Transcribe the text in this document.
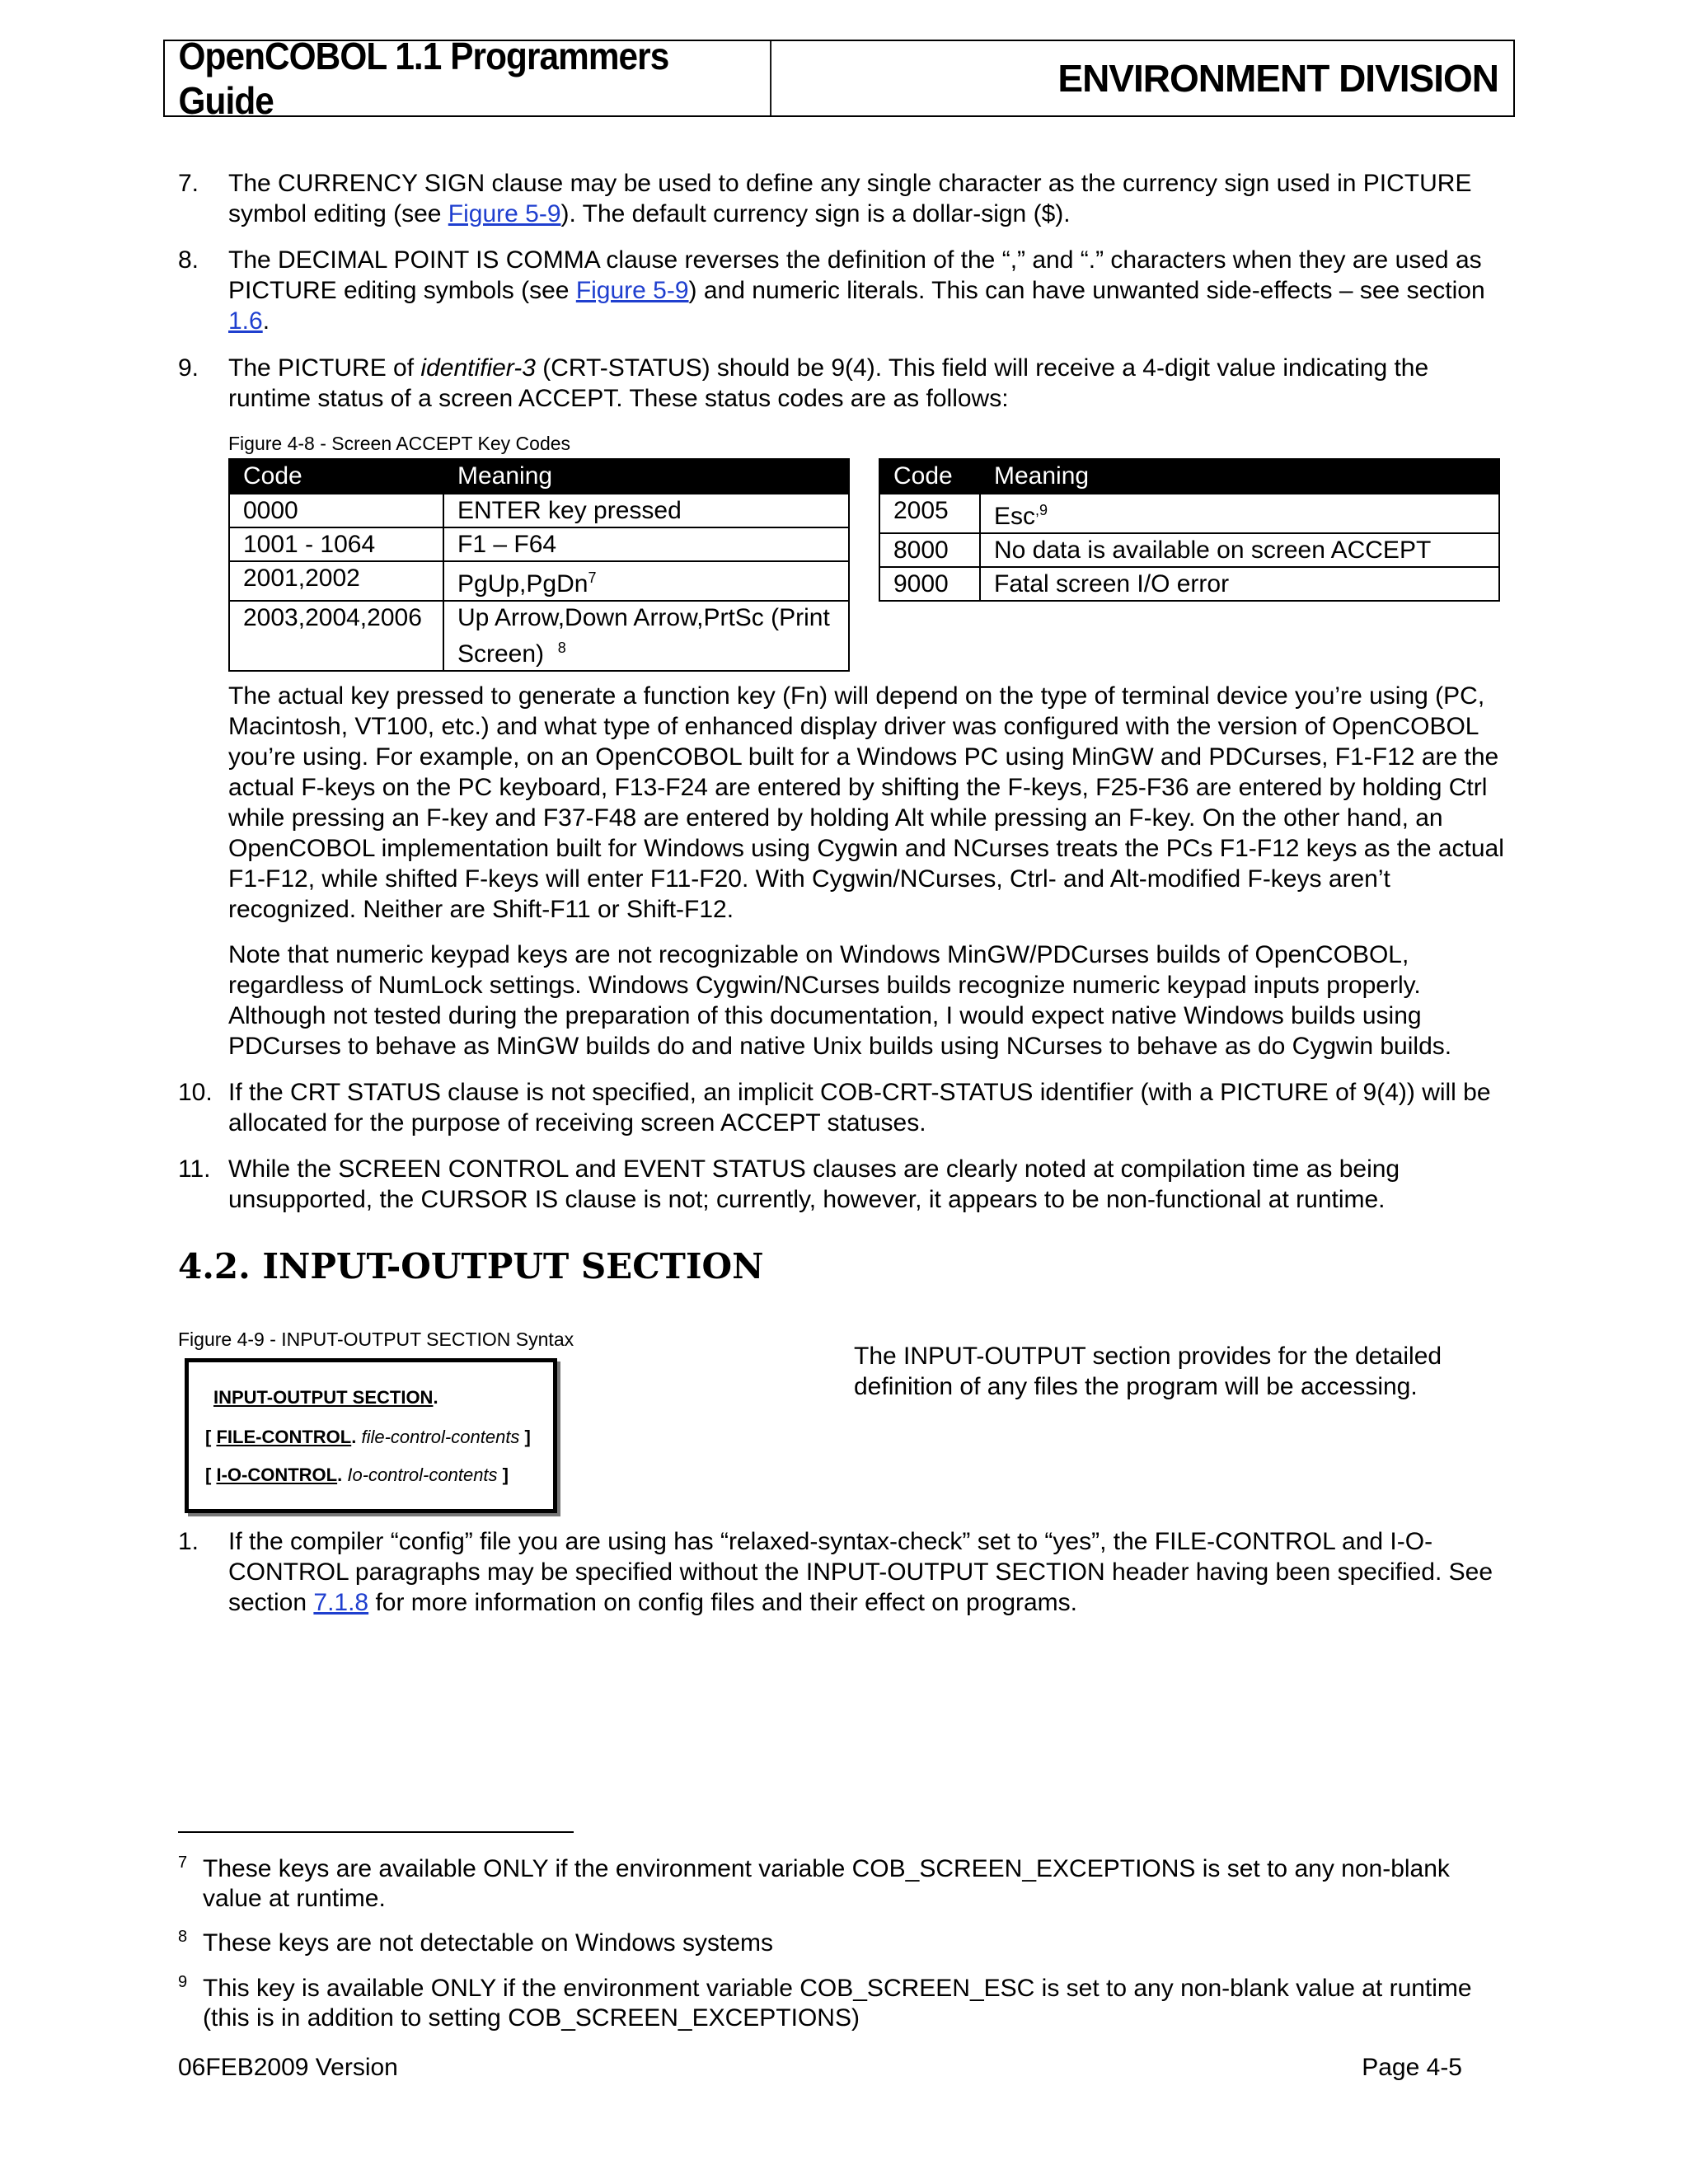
OpenCOBOL 1.1 Programmers Guide
ENVIRONMENT DIVISION
7.	The CURRENCY SIGN clause may be used to define any single character as the currency sign used in PICTURE symbol editing (see Figure 5-9). The default currency sign is a dollar-sign ($).
8.	The DECIMAL POINT IS COMMA clause reverses the definition of the “,” and “.” characters when they are used as PICTURE editing symbols (see Figure 5-9) and numeric literals. This can have unwanted side-effects – see section 1.6.
9.	The PICTURE of identifier-3 (CRT-STATUS) should be 9(4). This field will receive a 4-digit value indicating the runtime status of a screen ACCEPT. These status codes are as follows:
Figure 4-8 - Screen ACCEPT Key Codes
Code	Meaning
0000	ENTER key pressed
1001 - 1064	F1 – F64
2001,2002	PgUp,PgDn$^7$
2003,2004,2006	Up Arrow,Down Arrow,PrtSc (Print Screen) $^8$
Code	Meaning
2005	Esc$^{,9}$
8000	No data is available on screen ACCEPT
9000	Fatal screen I/O error
The actual key pressed to generate a function key (Fn) will depend on the type of terminal device you’re using (PC, Macintosh, VT100, etc.) and what type of enhanced display driver was configured with the version of OpenCOBOL you’re using. For example, on an OpenCOBOL built for a Windows PC using MinGW and PDCurses, F1-F12 are the actual F-keys on the PC keyboard, F13-F24 are entered by shifting the F-keys, F25-F36 are entered by holding Ctrl while pressing an F-key and F37-F48 are entered by holding Alt while pressing an F-key. On the other hand, an OpenCOBOL implementation built for Windows using Cygwin and NCurses treats the PCs F1-F12 keys as the actual F1-F12, while shifted F-keys will enter F11-F20. With Cygwin/NCurses, Ctrl- and Alt-modified F-keys aren’t recognized. Neither are Shift-F11 or Shift-F12.
Note that numeric keypad keys are not recognizable on Windows MinGW/PDCurses builds of OpenCOBOL, regardless of NumLock settings. Windows Cygwin/NCurses builds recognize numeric keypad inputs properly. Although not tested during the preparation of this documentation, I would expect native Windows builds using PDCurses to behave as MinGW builds do and native Unix builds using NCurses to behave as do Cygwin builds.
10. If the CRT STATUS clause is not specified, an implicit COB-CRT-STATUS identifier (with a PICTURE of 9(4)) will be allocated for the purpose of receiving screen ACCEPT statuses.
11. While the SCREEN CONTROL and EVENT STATUS clauses are clearly noted at compilation time as being unsupported, the CURSOR IS clause is not; currently, however, it appears to be non-functional at runtime.
4.2. INPUT-OUTPUT SECTION
Figure 4-9 - INPUT-OUTPUT SECTION Syntax
INPUT-OUTPUT SECTION.
[ FILE-CONTROL. file-control-contents ]
[ I-O-CONTROL. Io-control-contents ]
The INPUT-OUTPUT section provides for the detailed definition of any files the program will be accessing.
1.	If the compiler “config” file you are using has “relaxed-syntax-check” set to “yes”, the FILE-CONTROL and I-O-CONTROL paragraphs may be specified without the INPUT-OUTPUT SECTION header having been specified. See section 7.1.8 for more information on config files and their effect on programs.
7 These keys are available ONLY if the environment variable COB_SCREEN_EXCEPTIONS is set to any non-blank value at runtime.
8 These keys are not detectable on Windows systems
9 This key is available ONLY if the environment variable COB_SCREEN_ESC is set to any non-blank value at runtime (this is in addition to setting COB_SCREEN_EXCEPTIONS)
06FEB2009 Version	Page 4-5
